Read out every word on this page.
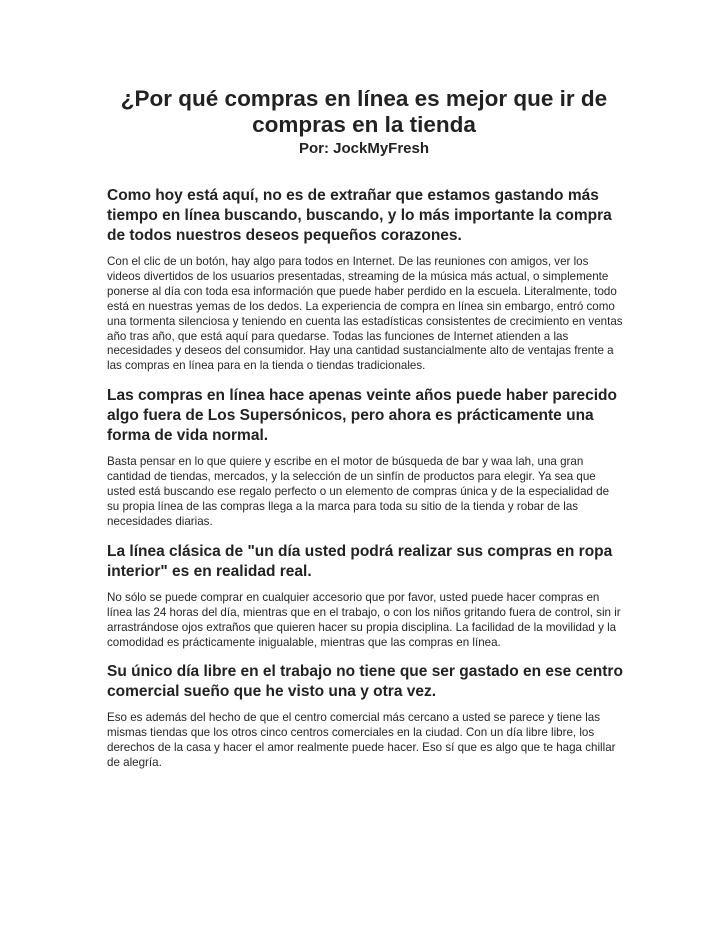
¿Por qué compras en línea es mejor que ir de compras en la tienda

Por: JockMyFresh

Como hoy está aquí, no es de extrañar que estamos gastando más tiempo en línea buscando, buscando, y lo más importante la compra de todos nuestros deseos pequeños corazones.

Con el clic de un botón, hay algo para todos en Internet. De las reuniones con amigos, ver los videos divertidos de los usuarios presentadas, streaming de la música más actual, o simplemente ponerse al día con toda esa información que puede haber perdido en la escuela. Literalmente, todo está en nuestras yemas de los dedos. La experiencia de compra en línea sin embargo, entró como una tormenta silenciosa y teniendo en cuenta las estadísticas consistentes de crecimiento en ventas año tras año, que está aquí para quedarse. Todas las funciones de Internet atienden a las necesidades y deseos del consumidor. Hay una cantidad sustancialmente alto de ventajas frente a las compras en línea para en la tienda o tiendas tradicionales.

Las compras en línea hace apenas veinte años puede haber parecido algo fuera de Los Supersónicos, pero ahora es prácticamente una forma de vida normal.

Basta pensar en lo que quiere y escribe en el motor de búsqueda de bar y waa lah, una gran cantidad de tiendas, mercados, y la selección de un sinfín de productos para elegir. Ya sea que usted está buscando ese regalo perfecto o un elemento de compras única y de la especialidad de su propia línea de las compras llega a la marca para toda su sitio de la tienda y robar de las necesidades diarias.

La línea clásica de "un día usted podrá realizar sus compras en ropa interior" es en realidad real.

No sólo se puede comprar en cualquier accesorio que por favor, usted puede hacer compras en línea las 24 horas del día, mientras que en el trabajo, o con los niños gritando fuera de control, sin ir arrastrándose ojos extraños que quieren hacer su propia disciplina. La facilidad de la movilidad y la comodidad es prácticamente inigualable, mientras que las compras en línea.

Su único día libre en el trabajo no tiene que ser gastado en ese centro comercial sueño que he visto una y otra vez.

Eso es además del hecho de que el centro comercial más cercano a usted se parece y tiene las mismas tiendas que los otros cinco centros comerciales en la ciudad. Con un día libre libre, los derechos de la casa y hacer el amor realmente puede hacer. Eso sí que es algo que te haga chillar de alegría.
